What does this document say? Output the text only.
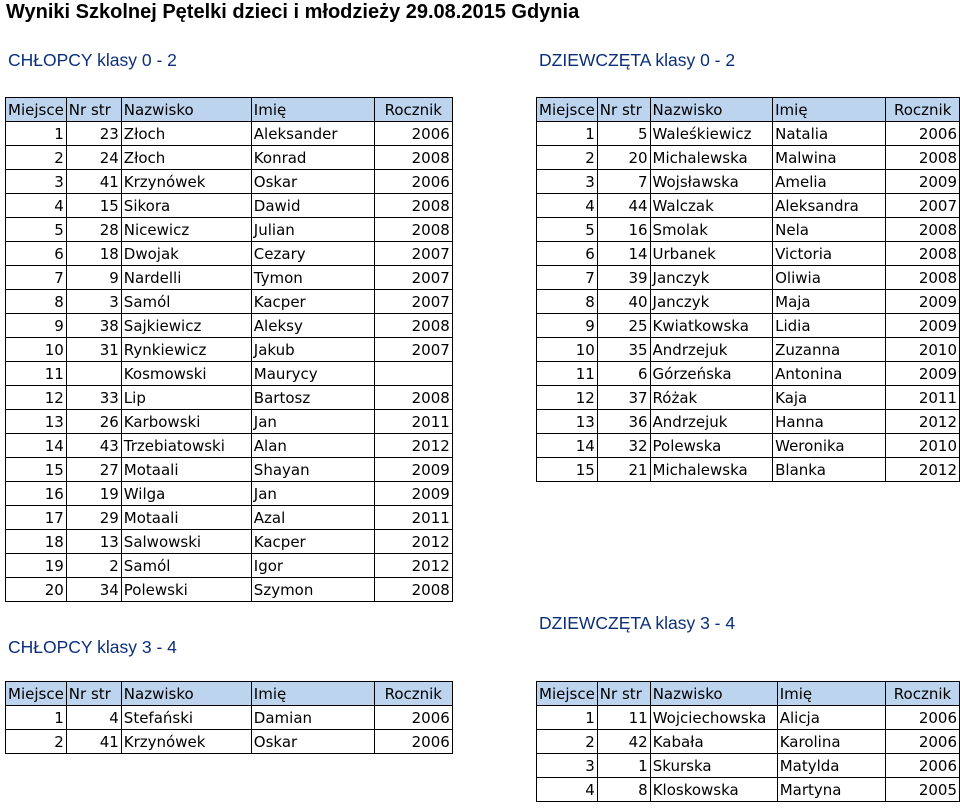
Wyniki Szkolnej Pętelki dzieci i młodzieży 29.08.2015 Gdynia
CHŁOPCY klasy 0 - 2	DZIEWCZĘTA klasy 0 - 2
DZIEWCZĘTA klasy 3 - 4
CHŁOPCY klasy 3 - 4
Miejsce	Nr str	Nazwisko	Imię	Rocznik
1	23	Złoch	Aleksander	2006
2	24	Złoch	Konrad	2008
3	41	Krzynówek	Oskar	2006
4	15	Sikora	Dawid	2008
5	28	Nicewicz	Julian	2008
6	18	Dwojak	Cezary	2007
7	9	Nardelli	Tymon	2007
8	3	Samól	Kacper	2007
9	38	Sajkiewicz	Aleksy	2008
10	31	Rynkiewicz	Jakub	2007
11		Kosmowski	Maurycy	
12	33	Lip	Bartosz	2008
13	26	Karbowski	Jan	2011
14	43	Trzebiatowski	Alan	2012
15	27	Motaali	Shayan	2009
16	19	Wilga	Jan	2009
17	29	Motaali	Azal	2011
18	13	Salwowski	Kacper	2012
19	2	Samól	Igor	2012
20	34	Polewski	Szymon	2008
Miejsce	Nr str	Nazwisko	Imię	Rocznik
1	5	Waleśkiewicz	Natalia	2006
2	20	Michalewska	Malwina	2008
3	7	Wojsławska	Amelia	2009
4	44	Walczak	Aleksandra	2007
5	16	Smolak	Nela	2008
6	14	Urbanek	Victoria	2008
7	39	Janczyk	Oliwia	2008
8	40	Janczyk	Maja	2009
9	25	Kwiatkowska	Lidia	2009
10	35	Andrzejuk	Zuzanna	2010
11	6	Górzeńska	Antonina	2009
12	37	Różak	Kaja	2011
13	36	Andrzejuk	Hanna	2012
14	32	Polewska	Weronika	2010
15	21	Michalewska	Blanka	2012
Miejsce	Nr str	Nazwisko	Imię	Rocznik
1	4	Stefański	Damian	2006
2	41	Krzynówek	Oskar	2006
Miejsce	Nr str	Nazwisko	Imię	Rocznik
1	11	Wojciechowska	Alicja	2006
2	42	Kabała	Karolina	2006
3	1	Skurska	Matylda	2006
4	8	Kloskowska	Martyna	2005
